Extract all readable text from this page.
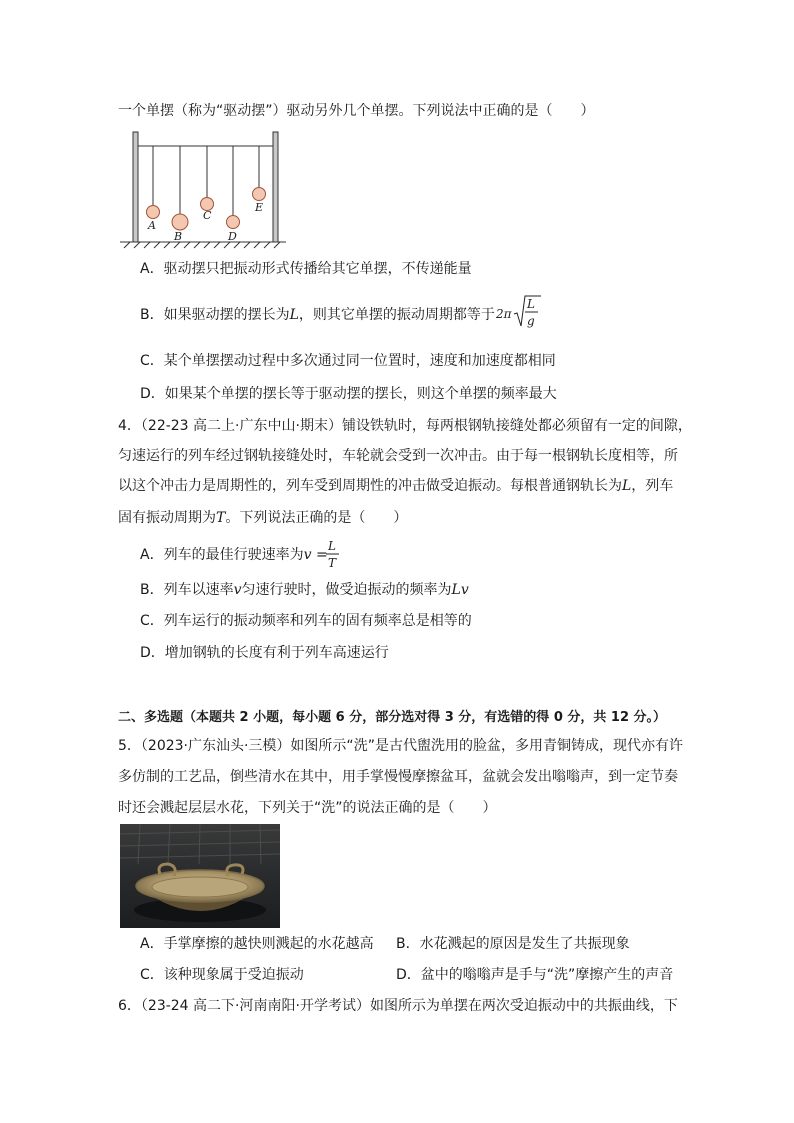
一个单摆（称为“驱动摆”）驱动另外几个单摆。下列说法中正确的是（　　）
A
B
C
D
E
A．驱动摆只把振动形式传播给其它单摆，不传递能量
B．如果驱动摆的摆长为L，则其它单摆的振动周期都等于 2π
L
g
C．某个单摆摆动过程中多次通过同一位置时，速度和加速度都相同
D．如果某个单摆的摆长等于驱动摆的摆长，则这个单摆的频率最大
4．（22-23 高二上·广东中山·期末）铺设铁轨时，每两根钢轨接缝处都必须留有一定的间隙，
匀速运行的列车经过钢轨接缝处时，车轮就会受到一次冲击。由于每一根钢轨长度相等，所
以这个冲击力是周期性的，列车受到周期性的冲击做受迫振动。每根普通钢轨长为L，列车
固有振动周期为T。下列说法正确的是（　　）
A．列车的最佳行驶速率为v =
L
T
B．列车以速率v匀速行驶时，做受迫振动的频率为Lv
C．列车运行的振动频率和列车的固有频率总是相等的
D．增加钢轨的长度有利于列车高速运行
二、多选题（本题共 2 小题，每小题 6 分，部分选对得 3 分，有选错的得 0 分，共 12 分。）
5．（2023·广东汕头·三模）如图所示“洗”是古代盥洗用的脸盆，多用青铜铸成，现代亦有许
多仿制的工艺品，倒些清水在其中，用手掌慢慢摩擦盆耳，盆就会发出嗡嗡声，到一定节奏
时还会溅起层层水花，下列关于“洗”的说法正确的是（　　）
A．手掌摩擦的越快则溅起的水花越高 B．水花溅起的原因是发生了共振现象
C．该种现象属于受迫振动	D．盆中的嗡嗡声是手与“洗”摩擦产生的声音
6．（23-24 高二下·河南南阳·开学考试）如图所示为单摆在两次受迫振动中的共振曲线，下
